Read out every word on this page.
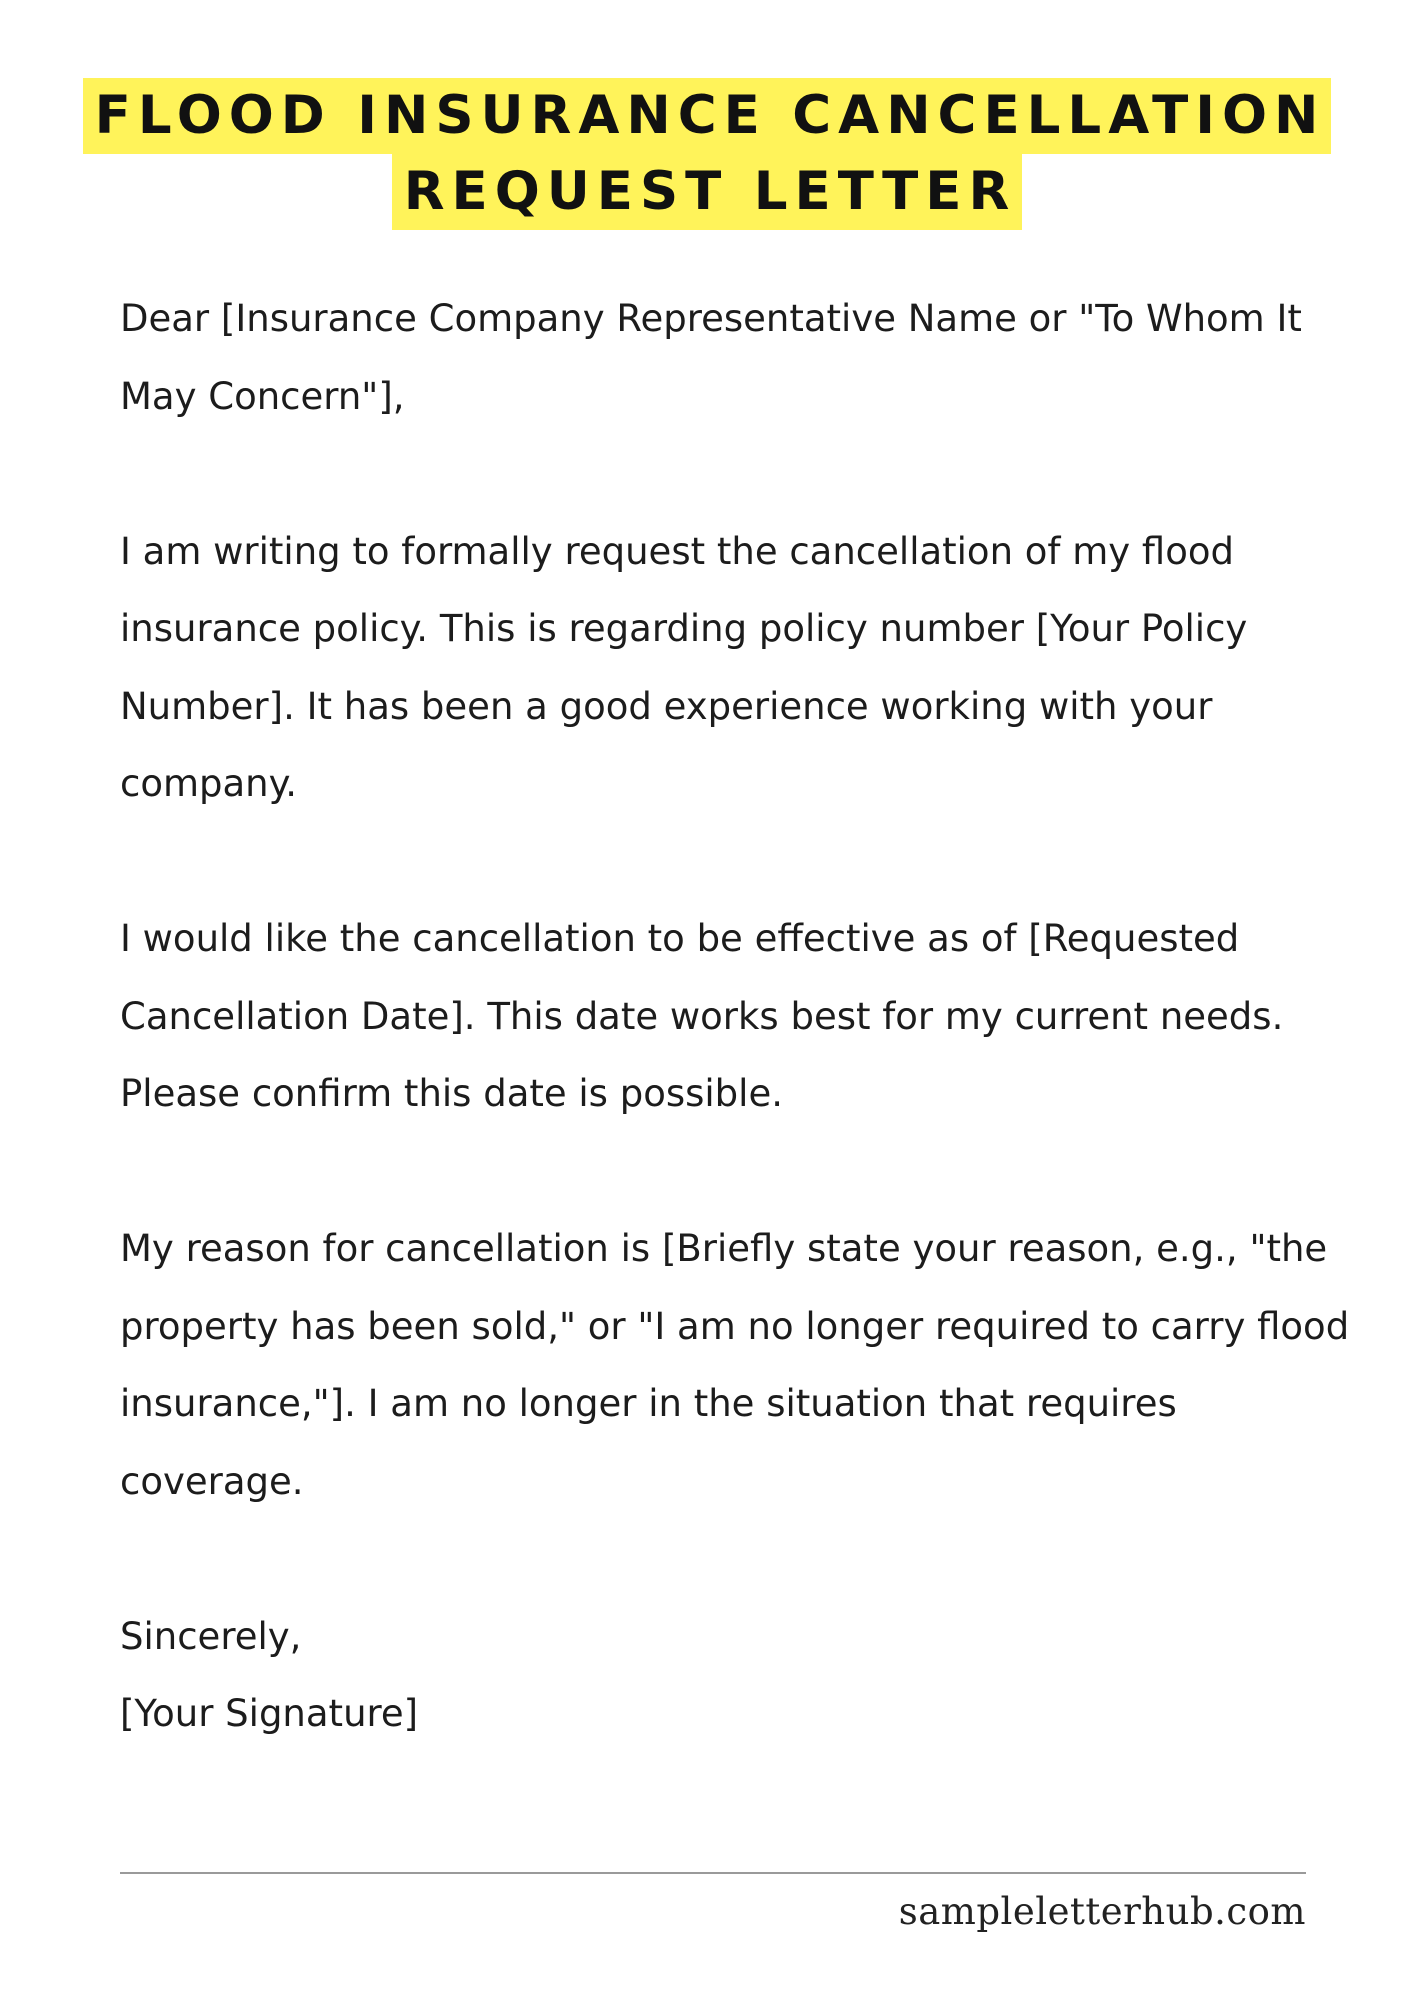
FLOOD INSURANCE CANCELLATION
REQUEST LETTER

Dear [Insurance Company Representative Name or "To Whom It May Concern"],

I am writing to formally request the cancellation of my flood insurance policy. This is regarding policy number [Your Policy Number]. It has been a good experience working with your company.

I would like the cancellation to be effective as of [Requested Cancellation Date]. This date works best for my current needs. Please confirm this date is possible.

My reason for cancellation is [Briefly state your reason, e.g., "the property has been sold," or "I am no longer required to carry flood insurance,"]. I am no longer in the situation that requires coverage.

Sincerely,
[Your Signature]
sampleletterhub.com
